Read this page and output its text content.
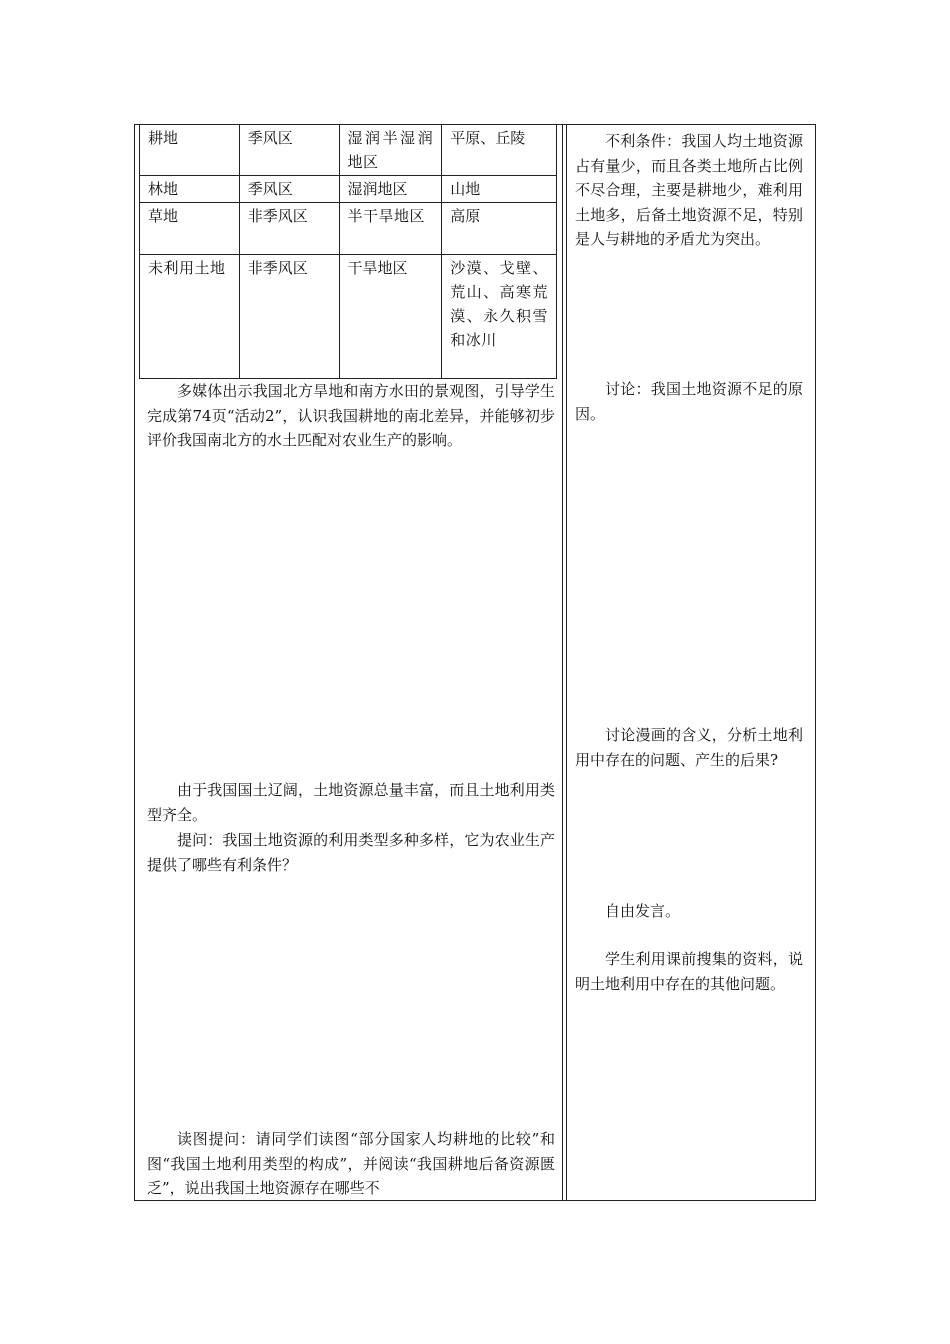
耕地	季风区	湿润半湿润地区	平原、丘陵
林地	季风区	湿润地区	山地
草地	非季风区	半干旱地区	高原
未利用土地	非季风区	干旱地区	沙漠、戈壁、荒山、高寒荒漠、永久积雪和冰川

多媒体出示我国北方旱地和南方水田的景观图，引导学生完成第74页“活动2”，认识我国耕地的南北差异，并能够初步评价我国南北方的水土匹配对农业生产的影响。

由于我国国土辽阔，土地资源总量丰富，而且土地利用类型齐全。

提问：我国土地资源的利用类型多种多样，它为农业生产提供了哪些有利条件？

读图提问：请同学们读图“部分国家人均耕地的比较”和图“我国土地利用类型的构成”，并阅读“我国耕地后备资源匮乏”，说出我国土地资源存在哪些不

不利条件：我国人均土地资源占有量少，而且各类土地所占比例不尽合理，主要是耕地少，难利用土地多，后备土地资源不足，特别是人与耕地的矛盾尤为突出。

讨论：我国土地资源不足的原因。

讨论漫画的含义，分析土地利用中存在的问题、产生的后果?

自由发言。

学生利用课前搜集的资料，说明土地利用中存在的其他问题。
